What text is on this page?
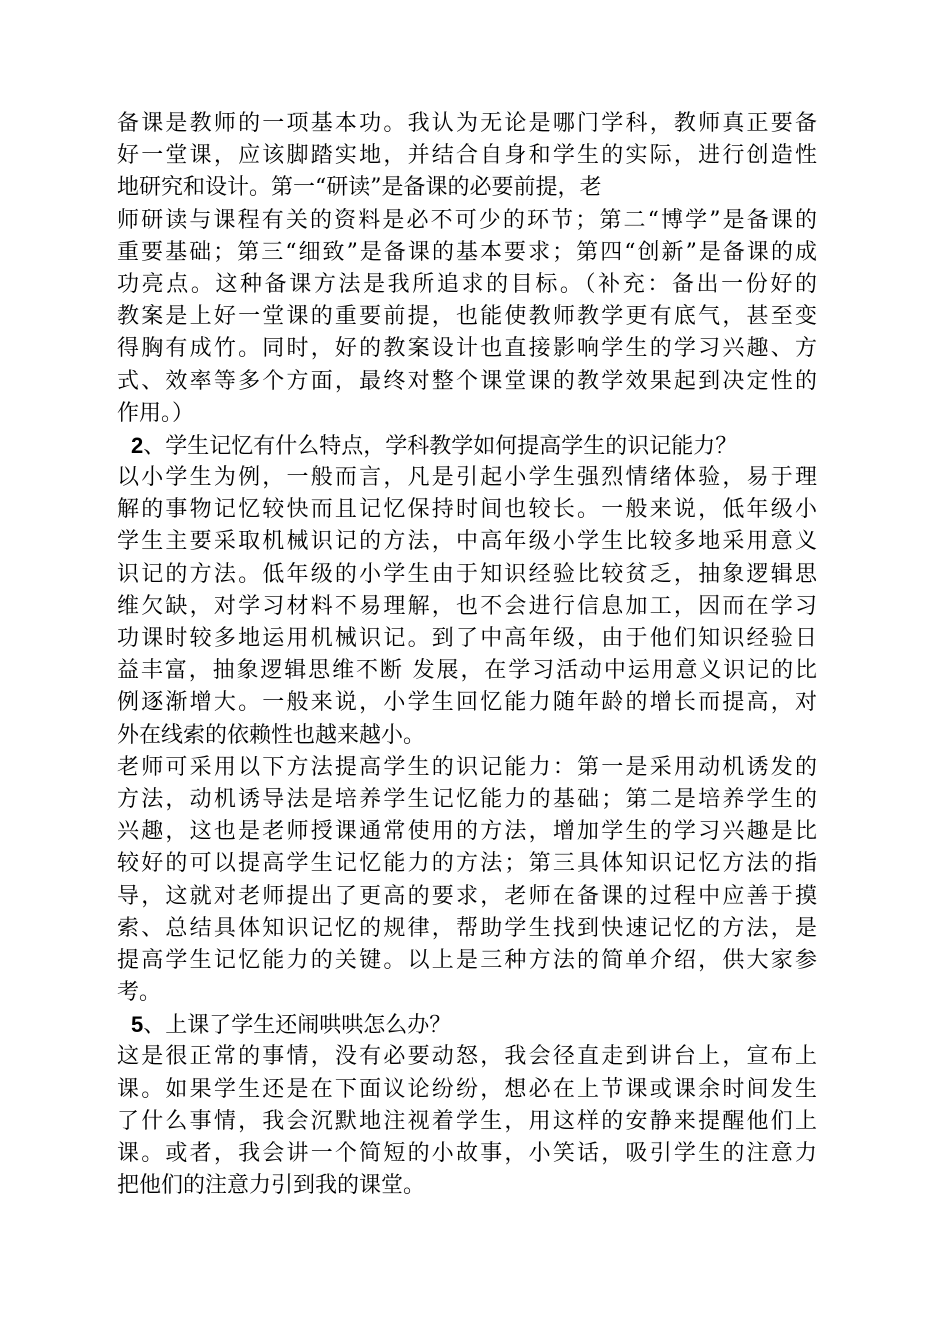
备课是教师的一项基本功。我认为无论是哪门学科，教师真正要备
好一堂课，应该脚踏实地，并结合自身和学生的实际，进行创造性
地研究和设计。第一“研读”是备课的必要前提，老
师研读与课程有关的资料是必不可少的环节；第二“博学”是备课的
重要基础；第三“细致”是备课的基本要求；第四“创新”是备课的成
功亮点。这种备课方法是我所追求的目标。（补充：备出一份好的
教案是上好一堂课的重要前提，也能使教师教学更有底气，甚至变
得胸有成竹。同时，好的教案设计也直接影响学生的学习兴趣、方
式、效率等多个方面，最终对整个课堂课的教学效果起到决定性的
作用。）
2、学生记忆有什么特点，学科教学如何提高学生的识记能力？
以小学生为例，一般而言，凡是引起小学生强烈情绪体验，易于理
解的事物记忆较快而且记忆保持时间也较长。一般来说，低年级小
学生主要采取机械识记的方法，中高年级小学生比较多地采用意义
识记的方法。低年级的小学生由于知识经验比较贫乏，抽象逻辑思
维欠缺，对学习材料不易理解，也不会进行信息加工，因而在学习
功课时较多地运用机械识记。到了中高年级，由于他们知识经验日
益丰富，抽象逻辑思维不断 发展，在学习活动中运用意义识记的比
例逐渐增大。一般来说，小学生回忆能力随年龄的增长而提高，对
外在线索的依赖性也越来越小。
老师可采用以下方法提高学生的识记能力：第一是采用动机诱发的
方法，动机诱导法是培养学生记忆能力的基础；第二是培养学生的
兴趣，这也是老师授课通常使用的方法，增加学生的学习兴趣是比
较好的可以提高学生记忆能力的方法；第三具体知识记忆方法的指
导，这就对老师提出了更高的要求，老师在备课的过程中应善于摸
索、总结具体知识记忆的规律，帮助学生找到快速记忆的方法，是
提高学生记忆能力的关键。以上是三种方法的简单介绍，供大家参
考。
5、上课了学生还闹哄哄怎么办？
这是很正常的事情，没有必要动怒，我会径直走到讲台上，宣布上
课。如果学生还是在下面议论纷纷，想必在上节课或课余时间发生
了什么事情，我会沉默地注视着学生，用这样的安静来提醒他们上
课。或者，我会讲一个简短的小故事，小笑话，吸引学生的注意力
把他们的注意力引到我的课堂。
